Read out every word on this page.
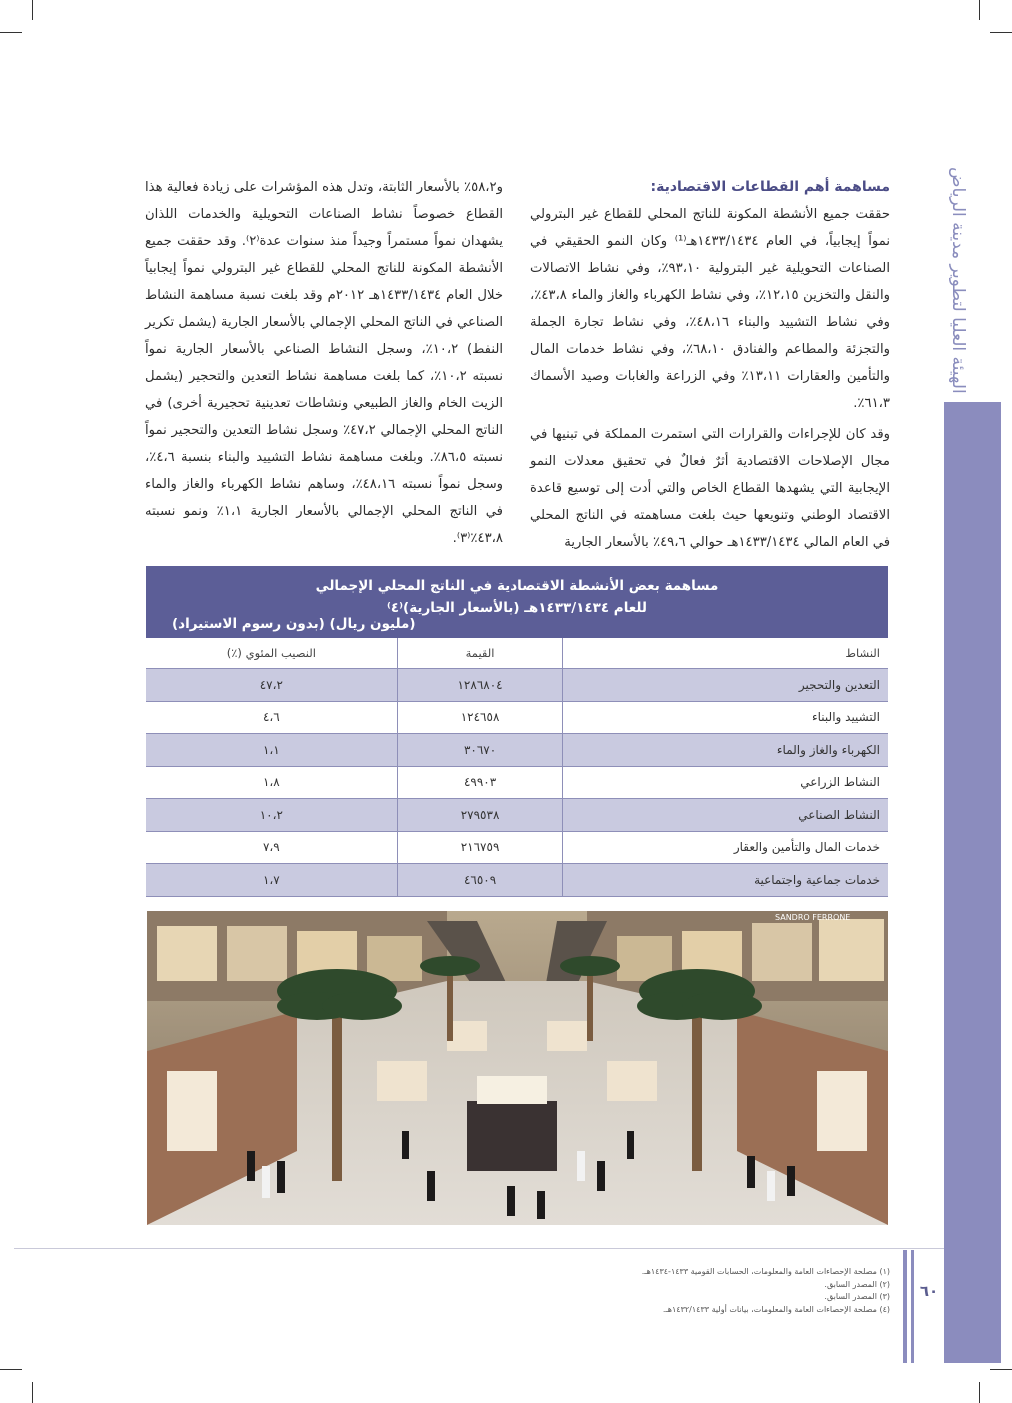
الهيئة العليا لتطوير مدينة الرياض
٦٠
مساهمة أهم القطاعات الاقتصادية:

حققت جميع الأنشطة المكونة للناتج المحلي للقطاع غير البترولي نمواً إيجابياً، في العام ١٤٣٣/١٤٣٤هـ⁽¹⁾ وكان النمو الحقيقي في الصناعات التحويلية غير البترولية ٩٣،١٠٪، وفي نشاط الاتصالات والنقل والتخزين ١٢،١٥٪، وفي نشاط الكهرباء والغاز والماء ٤٣،٨٪، وفي نشاط التشييد والبناء ٤٨،١٦٪، وفي نشاط تجارة الجملة والتجزئة والمطاعم والفنادق ٦٨،١٠٪، وفي نشاط خدمات المال والتأمين والعقارات ١٣،١١٪ وفي الزراعة والغابات وصيد الأسماك ٦١،٣٪.

وقد كان للإجراءات والقرارات التي استمرت المملكة في تبنيها في مجال الإصلاحات الاقتصادية أثرٌ فعالٌ في تحقيق معدلات النمو الإيجابية التي يشهدها القطاع الخاص والتي أدت إلى توسيع قاعدة الاقتصاد الوطني وتنويعها حيث بلغت مساهمته في الناتج المحلي في العام المالي ١٤٣٣/١٤٣٤هـ حوالي ٤٩،٦٪ بالأسعار الجارية

و٥٨،٢٪ بالأسعار الثابتة، وتدل هذه المؤشرات على زيادة فعالية هذا القطاع خصوصاً نشاط الصناعات التحويلية والخدمات اللذان يشهدان نمواً مستمراً وجيداً منذ سنوات عدة⁽٢⁾. وقد حققت جميع الأنشطة المكونة للناتج المحلي للقطاع غير البترولي نمواً إيجابياً خلال العام ١٤٣٣/١٤٣٤هـ ٢٠١٢م وقد بلغت نسبة مساهمة النشاط الصناعي في الناتج المحلي الإجمالي بالأسعار الجارية (يشمل تكرير النفط) ١٠،٢٪، وسجل النشاط الصناعي بالأسعار الجارية نمواً نسبته ١٠،٢٪، كما بلغت مساهمة نشاط التعدين والتحجير (يشمل الزيت الخام والغاز الطبيعي ونشاطات تعدينية تحجيرية أخرى) في الناتج المحلي الإجمالي ٤٧،٢٪ وسجل نشاط التعدين والتحجير نمواً نسبته ٨٦،٥٪. وبلغت مساهمة نشاط التشييد والبناء بنسبة ٤،٦٪، وسجل نمواً نسبته ٤٨،١٦٪، وساهم نشاط الكهرباء والغاز والماء في الناتج المحلي الإجمالي بالأسعار الجارية ١،١٪ ونمو نسبته ٤٣،٨٪⁽٣⁾.

مساهمة بعض الأنشطة الاقتصادية في الناتج المحلي الإجمالي
للعام ١٤٣٣/١٤٣٤هـ (بالأسعار الجارية)⁽٤⁾
(مليون ريال) (بدون رسوم الاستيراد)
النشاط
القيمة
النصيب المئوي (٪)
التعدين والتحجير
١٢٨٦٨٠٤
٤٧،٢
التشييد والبناء
١٢٤٦٥٨
٤،٦
الكهرباء والغاز والماء
٣٠٦٧٠
١،١
النشاط الزراعي
٤٩٩٠٣
١،٨
النشاط الصناعي
٢٧٩٥٣٨
١٠،٢
خدمات المال والتأمين والعقار
٢١٦٧٥٩
٧،٩
خدمات جماعية واجتماعية
٤٦٥٠٩
١،٧
SANDRO FERRONE
(١) مصلحة الإحصاءات العامة والمعلومات، الحسابات القومية ١٤٣٣-١٤٣٤هـ.
(٢) المصدر السابق.
(٣) المصدر السابق.
(٤) مصلحة الإحصاءات العامة والمعلومات، بيانات أولية ١٤٣٢/١٤٣٣هـ.
